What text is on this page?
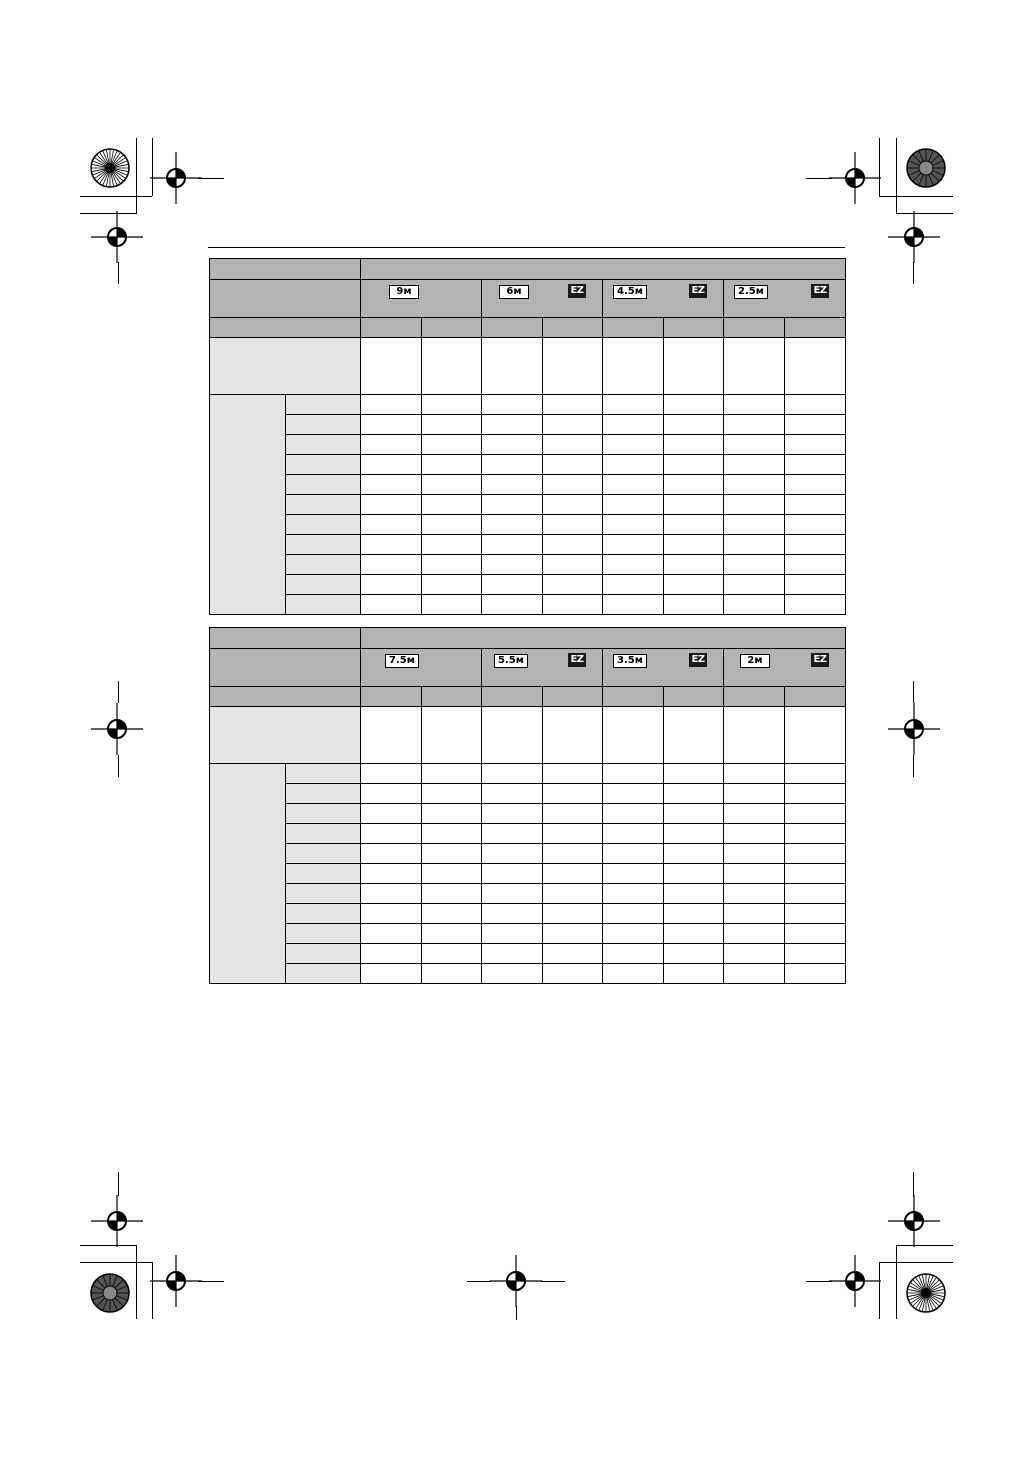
		9м		6м EZ		4.5м EZ		2.5м EZ	

		7.5м		5.5м EZ		3.5м EZ		2м EZ	
